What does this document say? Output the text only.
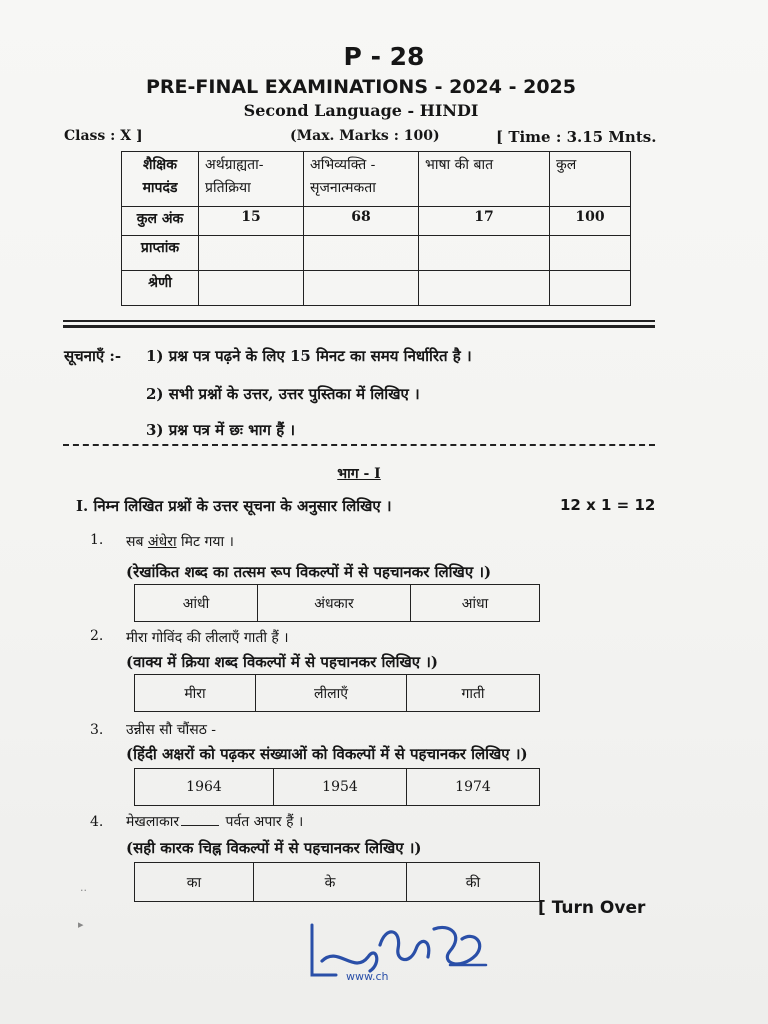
P - 28
PRE-FINAL EXAMINATIONS - 2024 - 2025
Second Language - HINDI
Class : X ]	(Max. Marks : 100)	[ Time : 3.15 Mnts.
शैक्षिक मापदंड	अर्थग्राह्यता-प्रतिक्रिया	अभिव्यक्ति - सृजनात्मकता	भाषा की बात	कुल
कुल अंक	15	68	17	100
प्राप्तांक				
श्रेणी				
सूचनाएँ :- 1) प्रश्न पत्र पढ़ने के लिए 15 मिनट का समय निर्धारित है ।
2) सभी प्रश्नों के उत्तर, उत्तर पुस्तिका में लिखिए ।
3) प्रश्न पत्र में छः भाग हैं ।
भाग - I
I. निम्न लिखित प्रश्नों के उत्तर सूचना के अनुसार लिखिए ।	12 x 1 = 12
1. सब अंधेरा मिट गया ।
(रेखांकित शब्द का तत्सम रूप विकल्पों में से पहचानकर लिखिए ।)
आंधी	अंधकार	आंधा
2. मीरा गोविंद की लीलाएँ गाती हैं ।
(वाक्य में क्रिया शब्द विकल्पों में से पहचानकर लिखिए ।)
मीरा	लीलाएँ	गाती
3. उन्नीस सौ चौंसठ -
(हिंदी अक्षरों को पढ़कर संख्याओं को विकल्पों में से पहचानकर लिखिए ।)
1964	1954	1974
4. मेखलाकार	पर्वत अपार हैं ।
(सही कारक चिह्न विकल्पों में से पहचानकर लिखिए ।)
का	के	की
[ Turn Over
www.ch
··
▸
